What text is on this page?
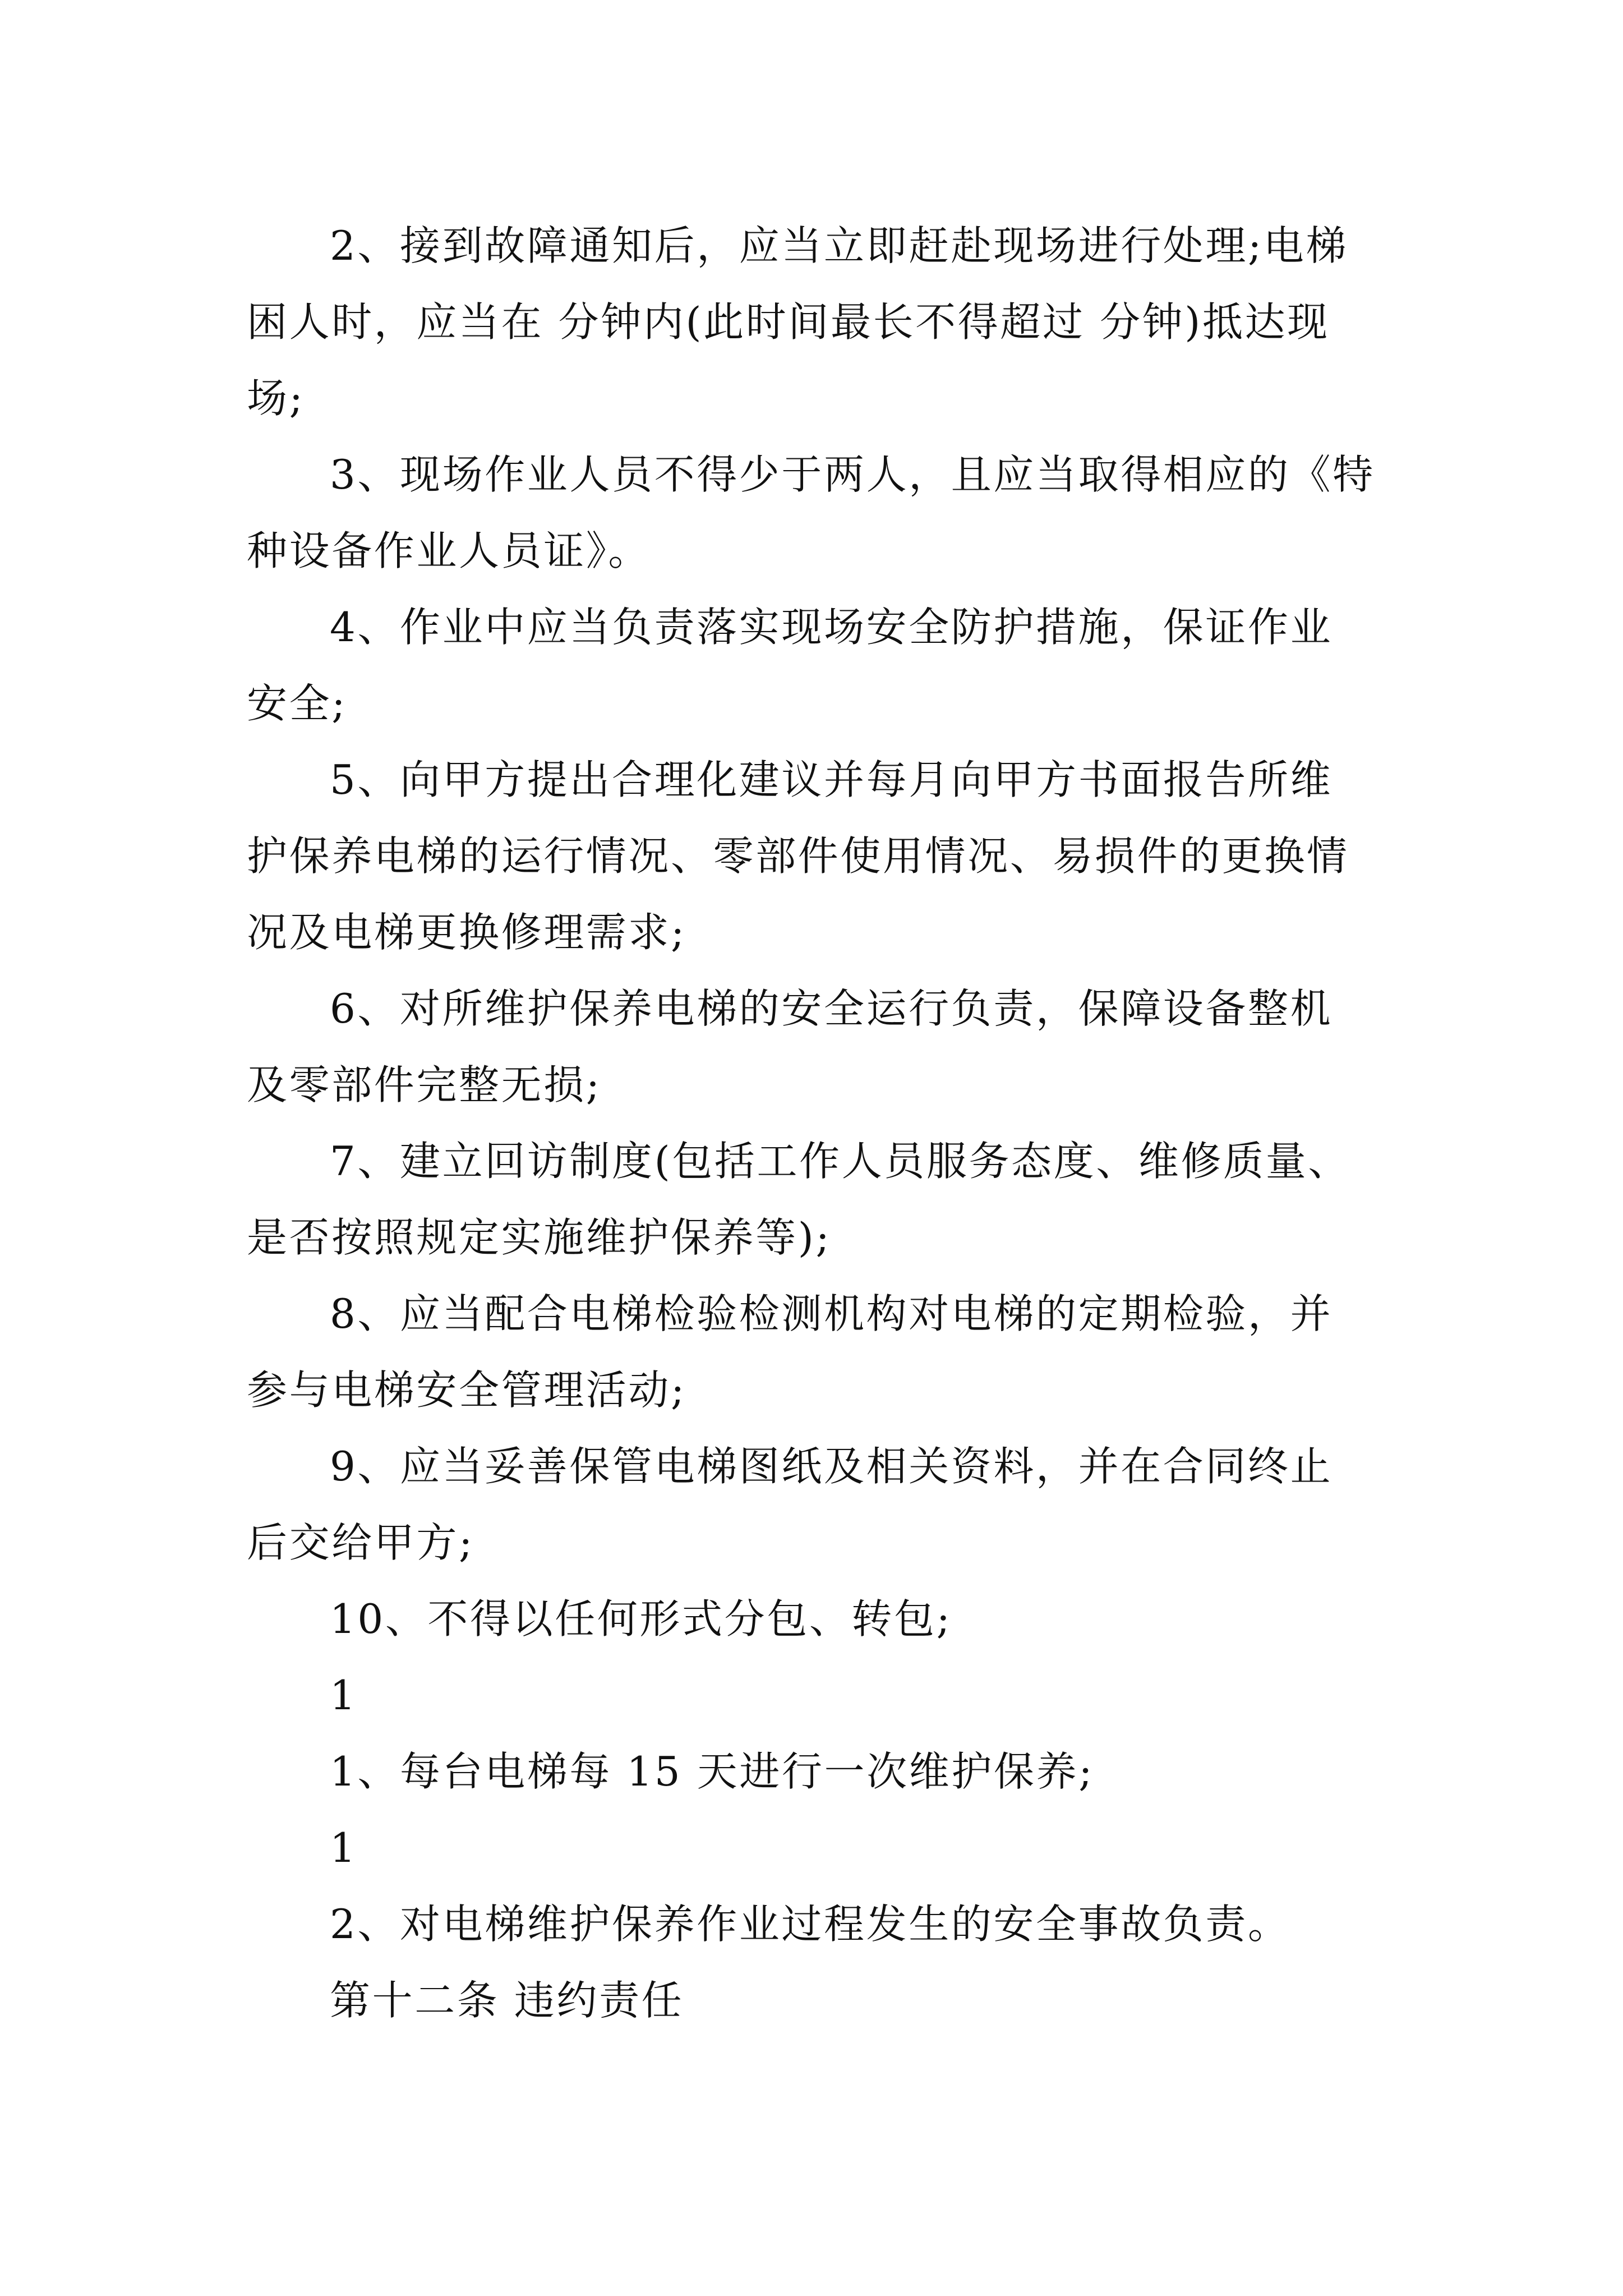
2、接到故障通知后，应当立即赶赴现场进行处理;电梯
困人时，应当在 分钟内(此时间最长不得超过 分钟)抵达现
场;
3、现场作业人员不得少于两人，且应当取得相应的《特
种设备作业人员证》。
4、作业中应当负责落实现场安全防护措施，保证作业
安全;
5、向甲方提出合理化建议并每月向甲方书面报告所维
护保养电梯的运行情况、零部件使用情况、易损件的更换情
况及电梯更换修理需求;
6、对所维护保养电梯的安全运行负责，保障设备整机
及零部件完整无损;
7、建立回访制度(包括工作人员服务态度、维修质量、
是否按照规定实施维护保养等);
8、应当配合电梯检验检测机构对电梯的定期检验，并
参与电梯安全管理活动;
9、应当妥善保管电梯图纸及相关资料，并在合同终止
后交给甲方;
10、不得以任何形式分包、转包;
1
1、每台电梯每 15 天进行一次维护保养;
1
2、对电梯维护保养作业过程发生的安全事故负责。
第十二条 违约责任
